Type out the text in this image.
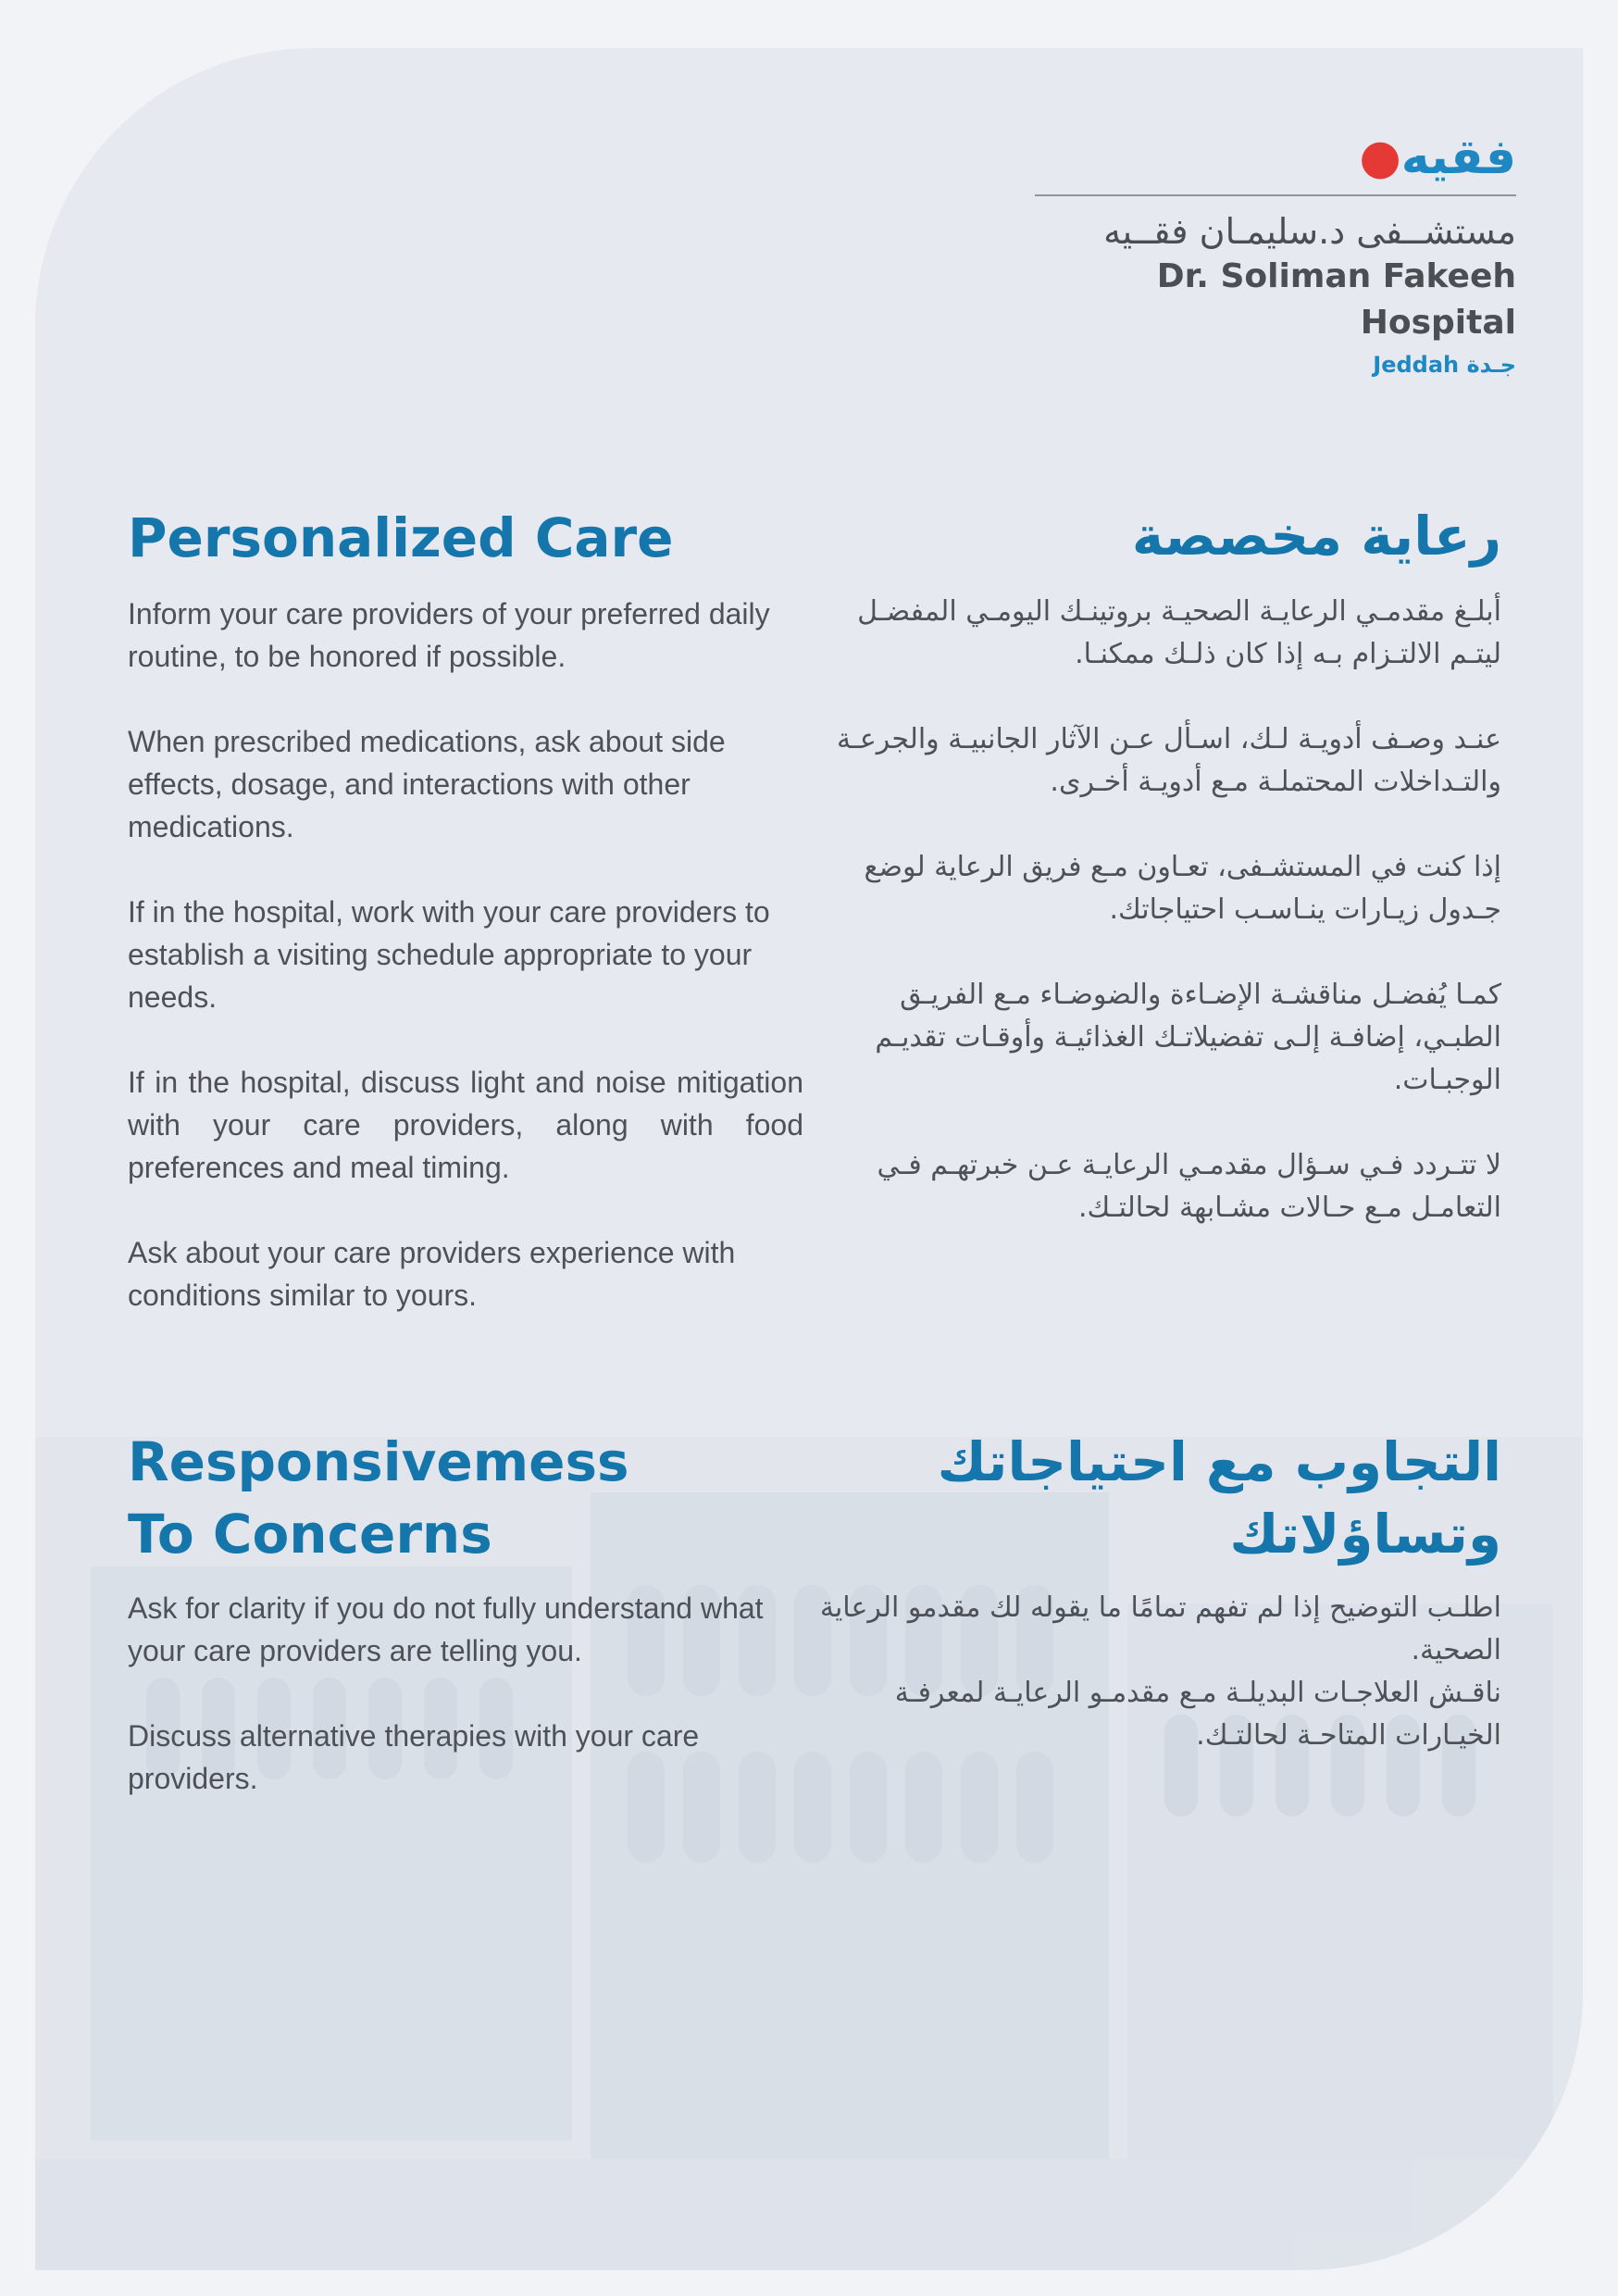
فقيه●
مستشــفى د.سليمـان فقــيه
Dr. Soliman Fakeeh Hospital
Jeddah جـدة
Personalized Care

Inform your care providers of your preferred daily routine, to be honored if possible.

When prescribed medications, ask about side effects, dosage, and interactions with other medications.

If in the hospital, work with your care providers to establish a visiting schedule appropriate to your needs.

If in the hospital, discuss light and noise mitigation with your care providers, along with food preferences and meal timing.

Ask about your care providers experience with conditions similar to yours.

رعاية مخصصة

أبلـغ مقدمـي الرعايـة الصحيـة بروتينـك اليومـي المفضـل ليتـم الالتـزام بـه إذا كان ذلـك ممكنـا.

عنـد وصـف أدويـة لـك، اسـأل عـن الآثار الجانبيـة والجرعـة والتـداخلات المحتملـة مـع أدويـة أخـرى.

إذا كنت في المستشـفى، تعـاون مـع فريق الرعاية لوضع جـدول زيـارات ينـاسـب احتياجاتك.

كمـا يُفضـل مناقشـة الإضـاءة والضوضـاء مـع الفريـق الطبـي، إضافـة إلـى تفضيلاتـك الغذائيـة وأوقـات تقديـم الوجبـات.

لا تتـردد فـي سـؤال مقدمـي الرعايـة عـن خبرتهـم فـي التعامـل مـع حـالات مشـابهة لحالتـك.

Responsivemess
To Concerns

Ask for clarity if you do not fully understand what your care providers are telling you.

Discuss alternative therapies with your care providers.

التجاوب مع احتياجاتك
وتساؤلاتك

اطلـب التوضيح إذا لم تفهم تمامًا ما يقوله لك مقدمو الرعاية الصحية.

ناقـش العلاجـات البديلـة مـع مقدمـو الرعايـة لمعرفـة الخيـارات المتاحـة لحالتـك.
